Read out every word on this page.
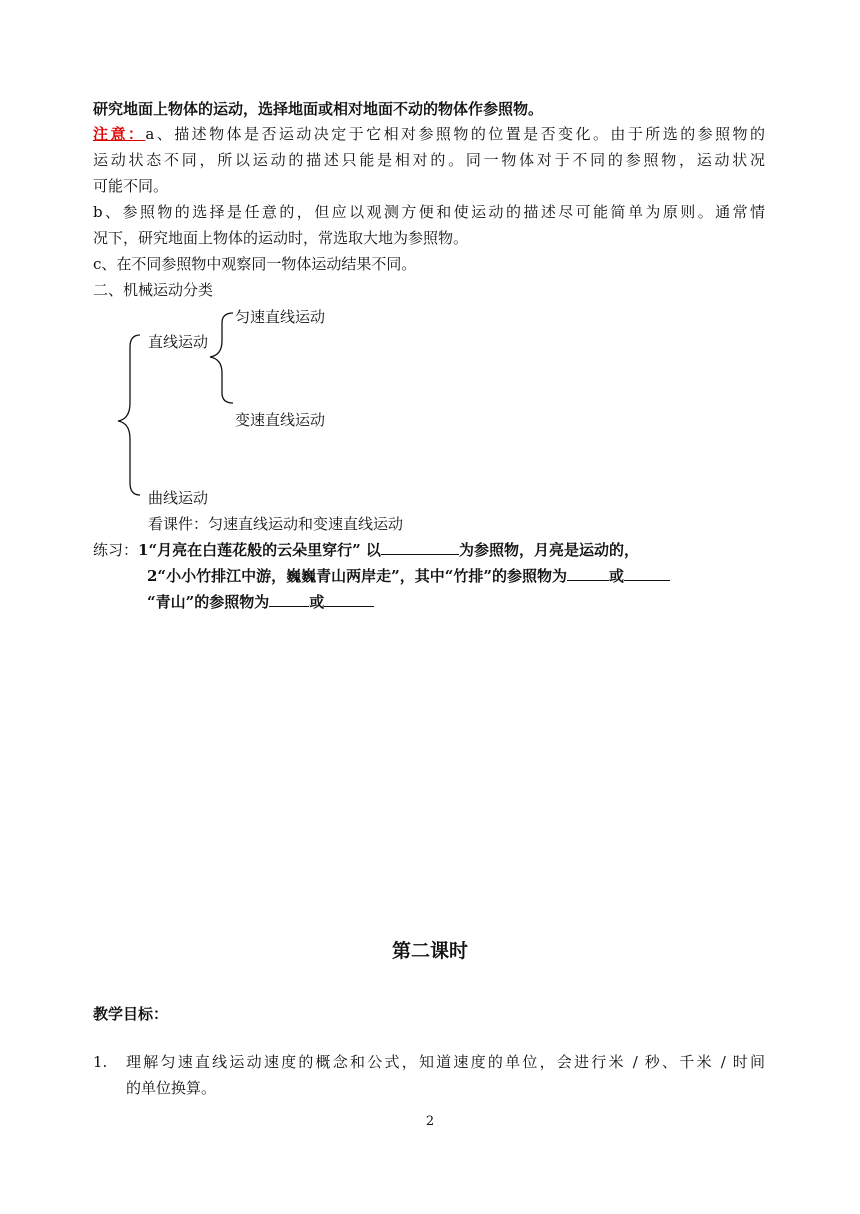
研究地面上物体的运动，选择地面或相对地面不动的物体作参照物。
注意：a、描述物体是否运动决定于它相对参照物的位置是否变化。由于所选的参照物的
运动状态不同，所以运动的描述只能是相对的。同一物体对于不同的参照物，运动状况
可能不同。
b、参照物的选择是任意的，但应以观测方便和使运动的描述尽可能简单为原则。通常情
况下，研究地面上物体的运动时，常选取大地为参照物。
c、在不同参照物中观察同一物体运动结果不同。
二、机械运动分类
匀速直线运动
直线运动
变速直线运动
曲线运动
看课件：匀速直线运动和变速直线运动
练习：1“月亮在白莲花般的云朵里穿行” 以	为参照物，月亮是运动的，
2“小小竹排江中游，巍巍青山两岸走”，其中“竹排”的参照物为	或
“青山”的参照物为	或
第二课时
教学目标：
1. 理解匀速直线运动速度的概念和公式，知道速度的单位，会进行米 / 秒、千米 / 时间
的单位换算。
2
